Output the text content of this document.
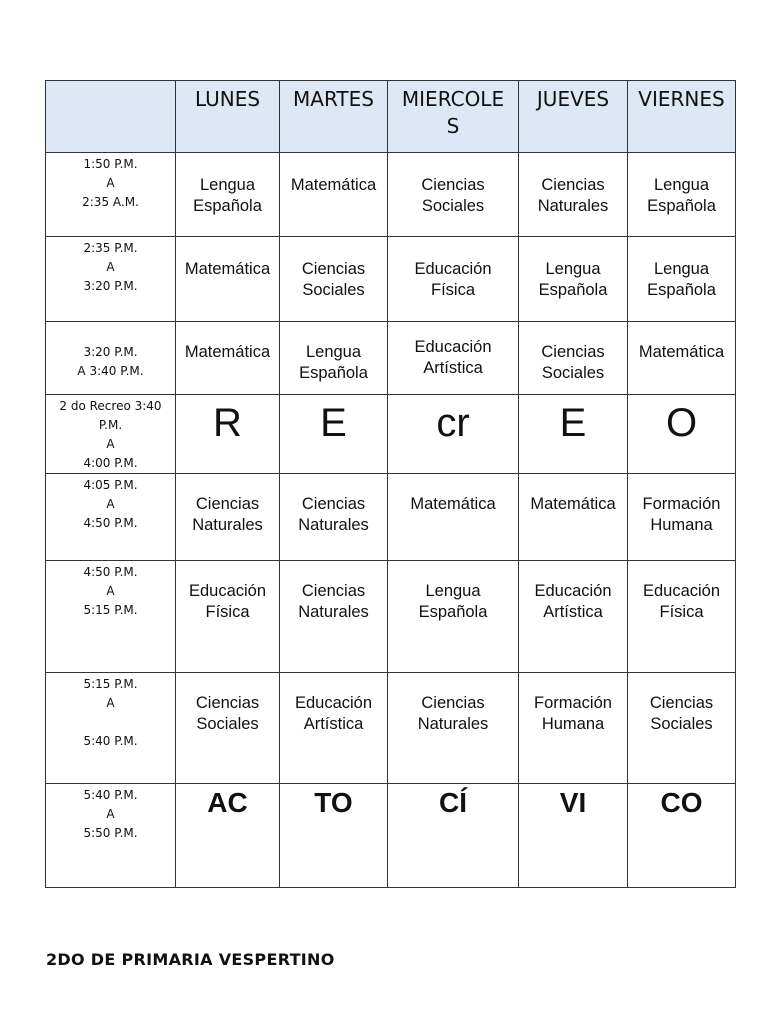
	LUNES	MARTES	MIERCOLE
S	JUEVES	VIERNES

1:50 P.M.
A
2:35 A.M.	Lengua
Española	Matemática	Ciencias
Sociales	Ciencias
Naturales	Lengua
Española

2:35 P.M.
A
3:20 P.M.	Matemática	Ciencias
Sociales	Educación
Física	Lengua
Española	Lengua
Española

3:20 P.M.
A 3:40 P.M.	Matemática	Lengua
Española	Educación
Artística	Ciencias
Sociales	Matemática

2 do Recreo 3:40
P.M.
A
4:00 P.M.	R	E	cr	E	O

4:05 P.M.
A
4:50 P.M.	Ciencias
Naturales	Ciencias
Naturales	Matemática	Matemática	Formación
Humana

4:50 P.M.
A
5:15 P.M.	Educación
Física	Ciencias
Naturales	Lengua
Española	Educación
Artística	Educación
Física

5:15 P.M.
A

5:40 P.M.	Ciencias
Sociales	Educación
Artística	Ciencias
Naturales	Formación
Humana	Ciencias
Sociales

5:40 P.M.
A
5:50 P.M.	AC	TO	CÍ	VI	CO
2DO DE PRIMARIA VESPERTINO
